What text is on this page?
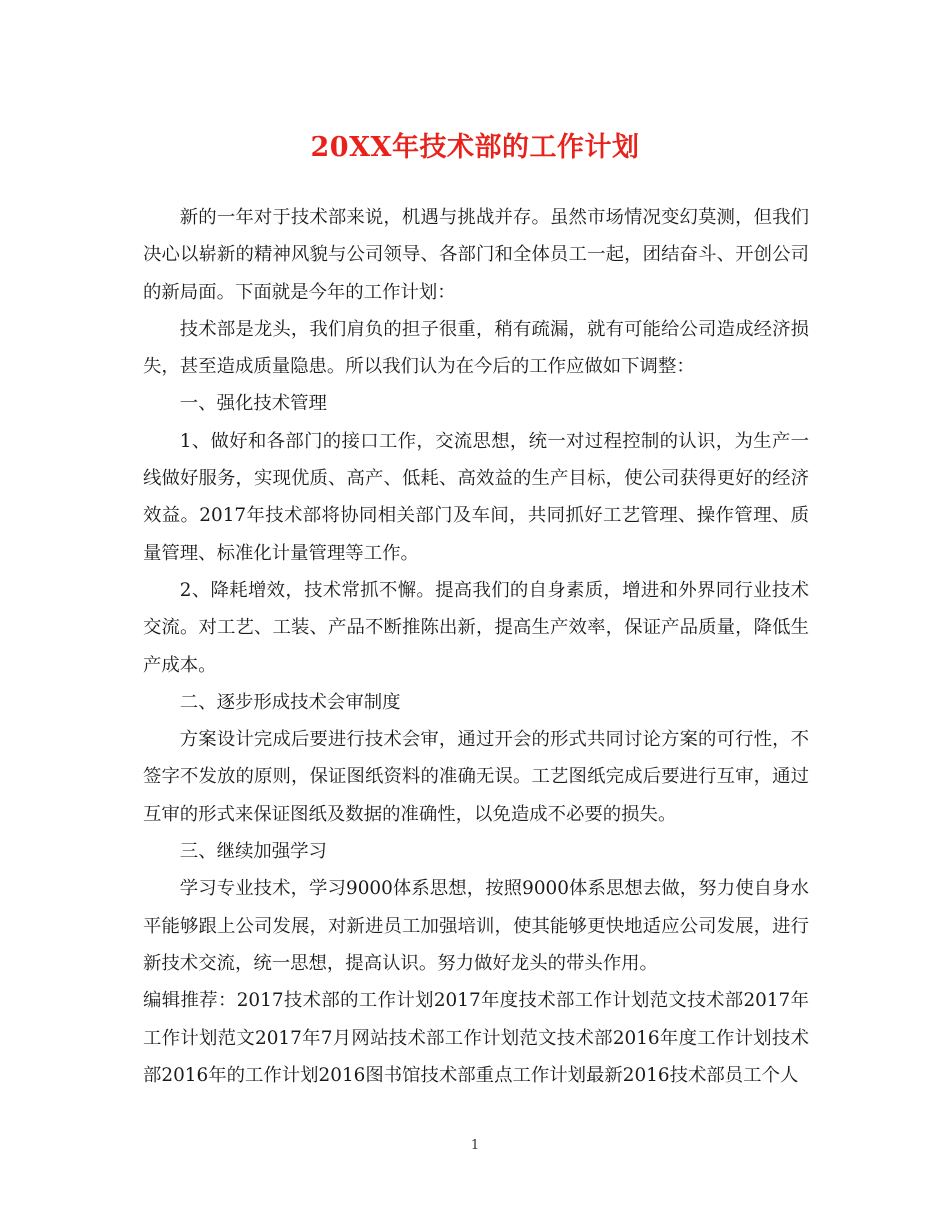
20XX年技术部的工作计划

新的一年对于技术部来说，机遇与挑战并存。虽然市场情况变幻莫测，但我们决心以崭新的精神风貌与公司领导、各部门和全体员工一起，团结奋斗、开创公司的新局面。下面就是今年的工作计划：

技术部是龙头，我们肩负的担子很重，稍有疏漏，就有可能给公司造成经济损失，甚至造成质量隐患。所以我们认为在今后的工作应做如下调整：

一、强化技术管理

1、做好和各部门的接口工作，交流思想，统一对过程控制的认识，为生产一线做好服务，实现优质、高产、低耗、高效益的生产目标，使公司获得更好的经济效益。2017年技术部将协同相关部门及车间，共同抓好工艺管理、操作管理、质量管理、标准化计量管理等工作。

2、降耗增效，技术常抓不懈。提高我们的自身素质，增进和外界同行业技术交流。对工艺、工装、产品不断推陈出新，提高生产效率，保证产品质量，降低生产成本。

二、逐步形成技术会审制度

方案设计完成后要进行技术会审，通过开会的形式共同讨论方案的可行性，不签字不发放的原则，保证图纸资料的准确无误。工艺图纸完成后要进行互审，通过互审的形式来保证图纸及数据的准确性，以免造成不必要的损失。

三、继续加强学习

学习专业技术，学习9000体系思想，按照9000体系思想去做，努力使自身水平能够跟上公司发展，对新进员工加强培训，使其能够更快地适应公司发展，进行新技术交流，统一思想，提高认识。努力做好龙头的带头作用。

编辑推荐：2017技术部的工作计划2017年度技术部工作计划范文技术部2017年工作计划范文2017年7月网站技术部工作计划范文技术部2016年度工作计划技术部2016年的工作计划2016图书馆技术部重点工作计划最新2016技术部员工个人

1
